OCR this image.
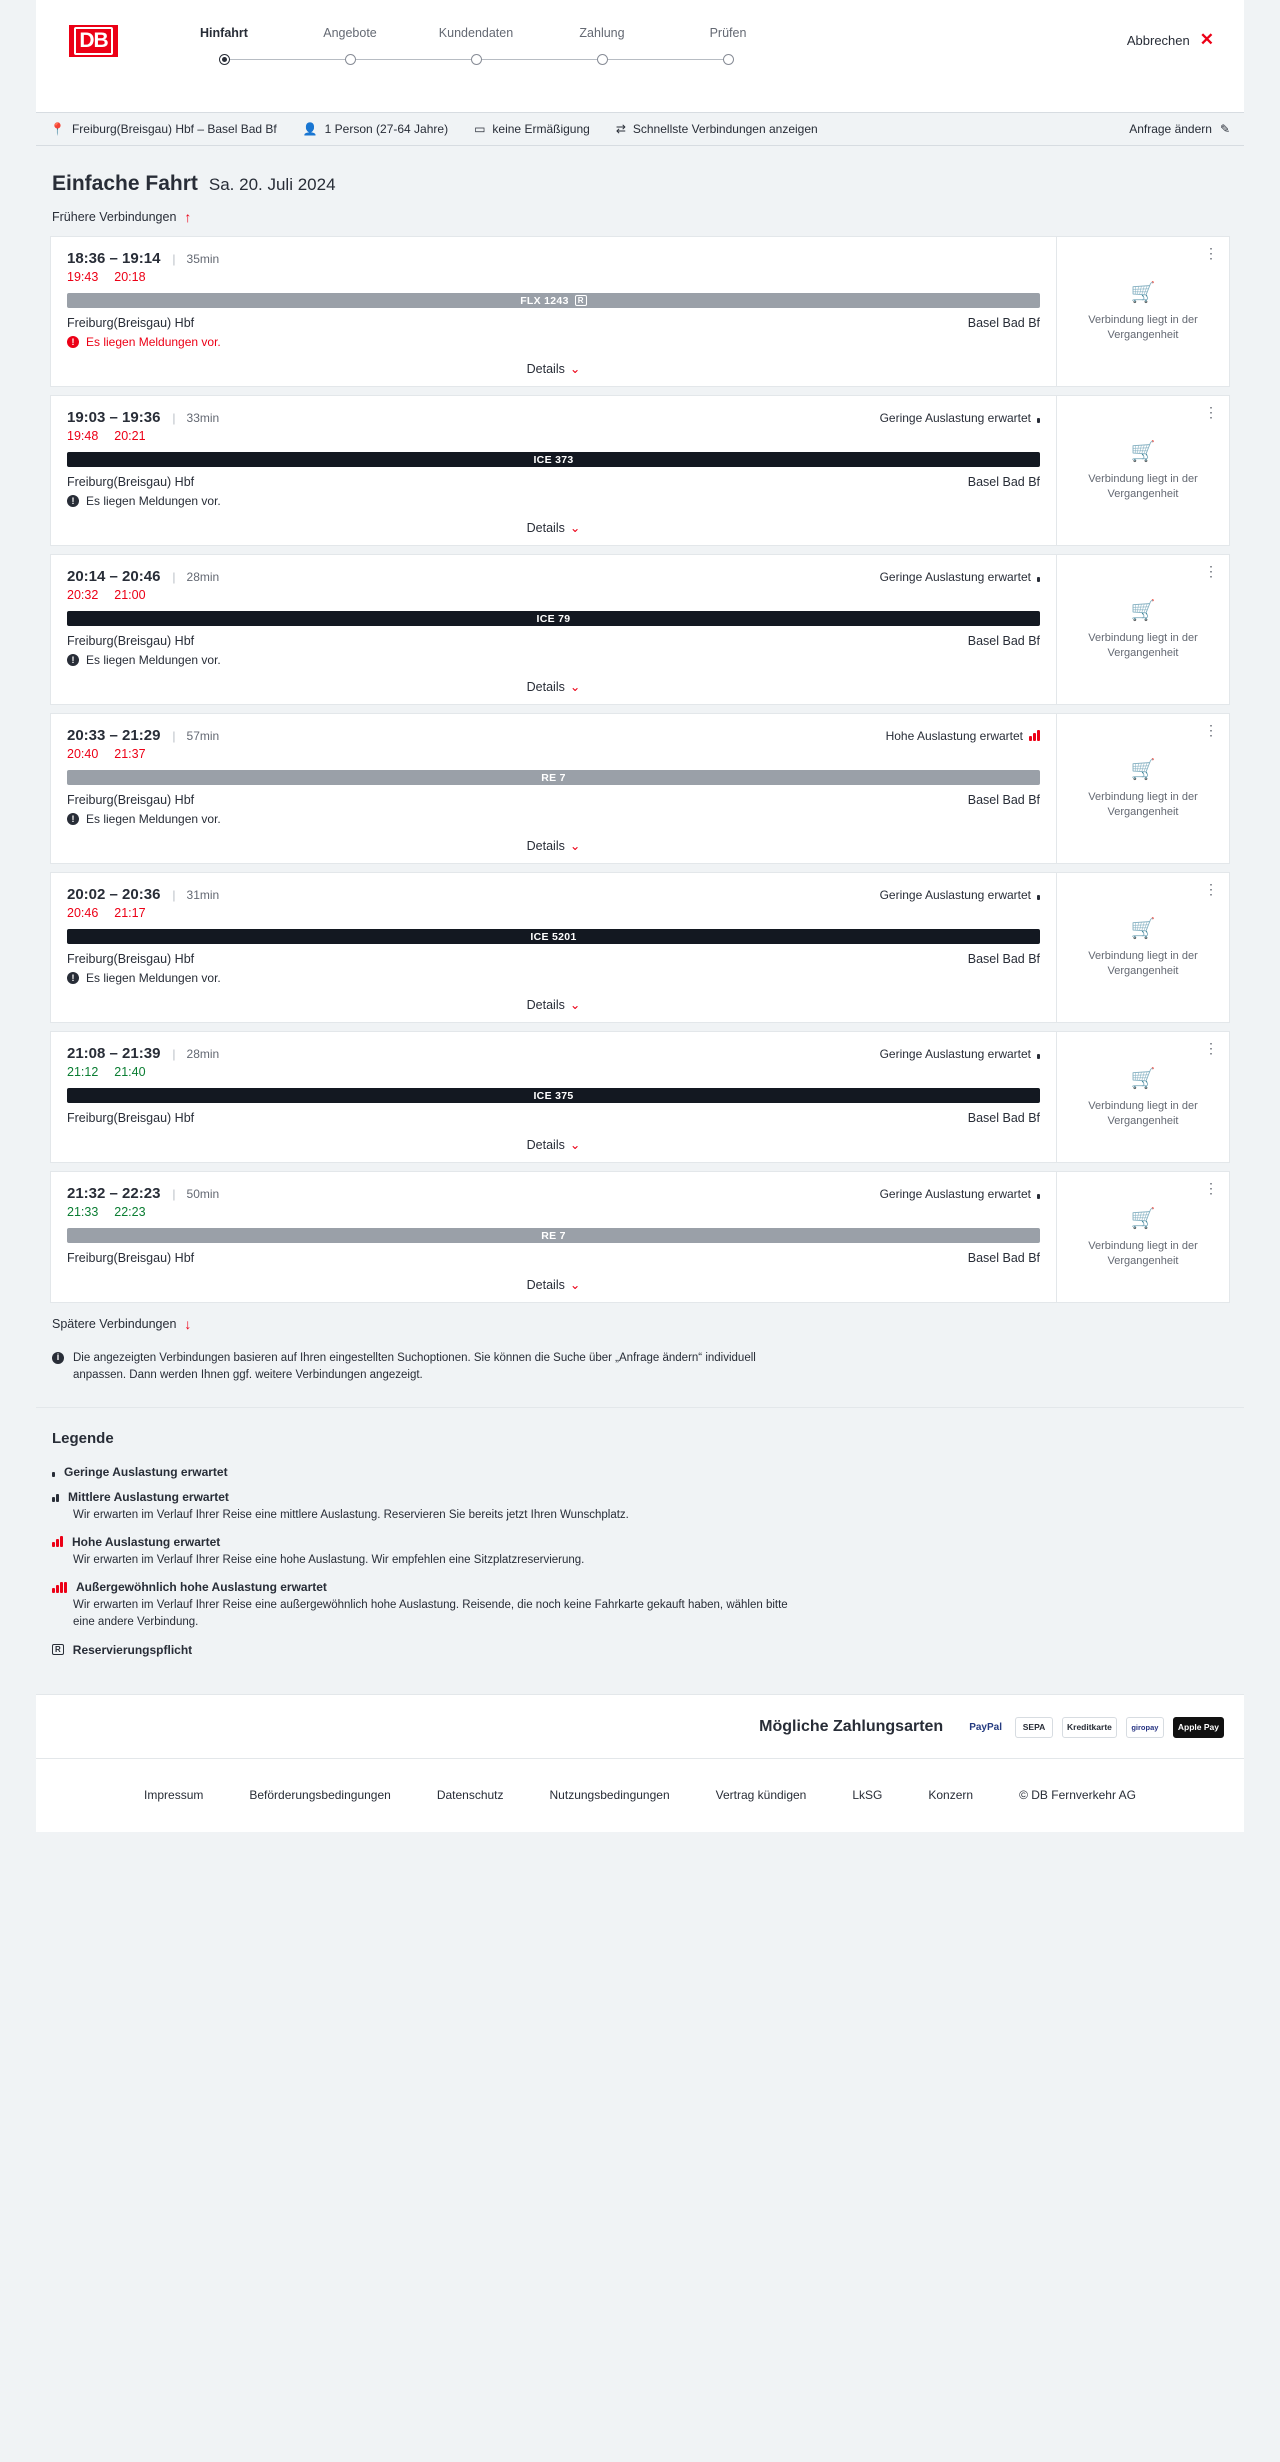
DB	Hinfahrt	Angebote	Kundendaten	Zahlung	Prüfen	Abbrechen ✕
📍 Freiburg(Breisgau) Hbf – Basel Bad Bf 👤 1 Person (27-64 Jahre) ▭ keine Ermäßigung ⇄ Schnellste Verbindungen anzeigen	Anfrage ändern ✎
Einfache Fahrt Sa. 20. Juli 2024
Frühere Verbindungen ↑
18:36 – 19:14 | 35min
19:43 20:18
FLX 1243	R
Freiburg(Breisgau) Hbf	Basel Bad Bf
! Es liegen Meldungen vor.
Details ⌄
⋮
🛒
Verbindung liegt in der Vergangenheit
19:03 – 19:36 | 33min	Geringe Auslastung erwartet
19:48 20:21
ICE 373
Freiburg(Breisgau) Hbf	Basel Bad Bf
! Es liegen Meldungen vor.
Details ⌄
⋮
🛒
Verbindung liegt in der Vergangenheit
20:14 – 20:46 | 28min	Geringe Auslastung erwartet
20:32 21:00
ICE 79
Freiburg(Breisgau) Hbf	Basel Bad Bf
! Es liegen Meldungen vor.
Details ⌄
⋮
🛒
Verbindung liegt in der Vergangenheit
20:33 – 21:29 | 57min	Hohe Auslastung erwartet
20:40 21:37
RE 7
Freiburg(Breisgau) Hbf	Basel Bad Bf
! Es liegen Meldungen vor.
Details ⌄
⋮
🛒
Verbindung liegt in der Vergangenheit
20:02 – 20:36 | 31min	Geringe Auslastung erwartet
20:46 21:17
ICE 5201
Freiburg(Breisgau) Hbf	Basel Bad Bf
! Es liegen Meldungen vor.
Details ⌄
⋮
🛒
Verbindung liegt in der Vergangenheit
21:08 – 21:39 | 28min	Geringe Auslastung erwartet
21:12 21:40
ICE 375
Freiburg(Breisgau) Hbf	Basel Bad Bf
Details ⌄
⋮
🛒
Verbindung liegt in der Vergangenheit
21:32 – 22:23 | 50min	Geringe Auslastung erwartet
21:33 22:23
RE 7
Freiburg(Breisgau) Hbf	Basel Bad Bf
Details ⌄
⋮
🛒
Verbindung liegt in der Vergangenheit
Spätere Verbindungen ↓
i	Die angezeigten Verbindungen basieren auf Ihren eingestellten Suchoptionen. Sie können die Suche über „Anfrage ändern“ individuell anpassen. Dann werden Ihnen ggf. weitere Verbindungen angezeigt.
Legende
Geringe Auslastung erwartet
Mittlere Auslastung erwartet
Wir erwarten im Verlauf Ihrer Reise eine mittlere Auslastung. Reservieren Sie bereits jetzt Ihren Wunschplatz.
Hohe Auslastung erwartet
Wir erwarten im Verlauf Ihrer Reise eine hohe Auslastung. Wir empfehlen eine Sitzplatzreservierung.
Außergewöhnlich hohe Auslastung erwartet
Wir erwarten im Verlauf Ihrer Reise eine außergewöhnlich hohe Auslastung. Reisende, die noch keine Fahrkarte gekauft haben, wählen bitte eine andere Verbindung.
R Reservierungspflicht
Mögliche Zahlungsarten	PayPal	SEPA	Kreditkarte	giropay	Apple Pay
Impressum	Beförderungsbedingungen	Datenschutz	Nutzungsbedingungen	Vertrag kündigen	LkSG	Konzern	© DB Fernverkehr AG
